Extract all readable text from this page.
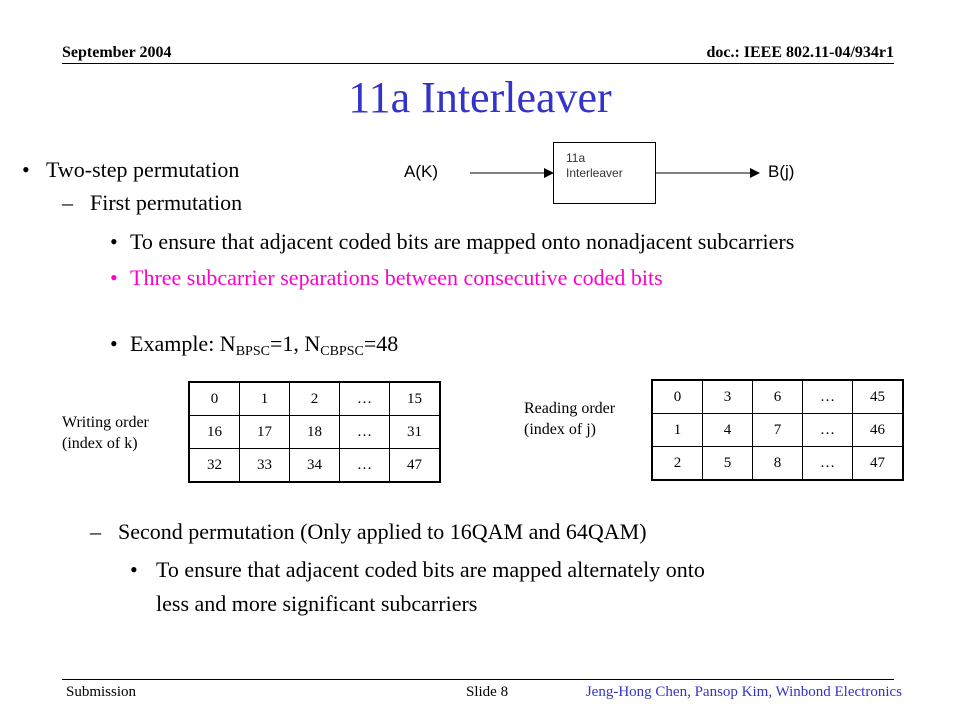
September 2004	doc.: IEEE 802.11-04/934r1
11a Interleaver
A(K)
11a
Interleaver	B(j)
• Two-step permutation
– First permutation
• To ensure that adjacent coded bits are mapped onto nonadjacent subcarriers
• Three subcarrier separations between consecutive coded bits
• Example: $N_{BPSC}=1$, $N_{CBPSC}=48$
Writing order
(index of k)
0	1	2	…	15
16	17	18	…	31
32	33	34	…	47
Reading order
(index of j)
0	3	6	…	45
1	4	7	…	46
2	5	8	…	47
– Second permutation (Only applied to 16QAM and 64QAM)
• To ensure that adjacent coded bits are mapped alternately onto
less and more significant subcarriers
Submission	Slide 8	Jeng-Hong Chen, Pansop Kim, Winbond Electronics
